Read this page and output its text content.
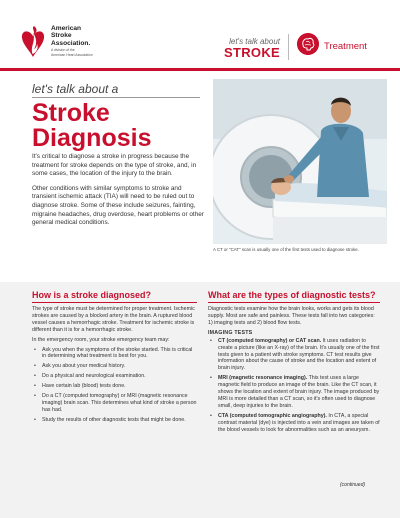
American
Stroke
Association.
A division of the
American Heart Association
let's talk about
STROKE	Treatment
let's talk about a
Stroke
Diagnosis

It's critical to diagnose a stroke in progress because the treatment for stroke depends on the type of stroke, and, in some cases, the location of the injury to the brain.

Other conditions with similar symptoms to stroke and transient ischemic attack (TIA) will need to be ruled out to diagnose stroke. Some of these include seizures, fainting, migraine headaches, drug overdose, heart problems or other general medical conditions.

A CT or "CAT" scan is usually one of the first tests used to diagnose stroke.
How is a stroke diagnosed?
The type of stroke must be determined for proper treatment. Ischemic strokes are caused by a blocked artery in the brain. A ruptured blood vessel causes a hemorrhagic stroke. Treatment for ischemic stroke is different than it is for a hemorrhagic stroke.
In the emergency room, your stroke emergency team may:
• Ask you when the symptoms of the stroke started. This is critical in determining what treatment is best for you.
• Ask you about your medical history.
• Do a physical and neurological examination.
• Have certain lab (blood) tests done.
• Do a CT (computed tomography) or MRI (magnetic resonance imaging) brain scan. This determines what kind of stroke a person has had.
• Study the results of other diagnostic tests that might be done.
What are the types of diagnostic tests?
Diagnostic tests examine how the brain looks, works and gets its blood supply. Most are safe and painless. These tests fall into two categories: 1) imaging tests and 2) blood flow tests.
IMAGING TESTS
• CT (computed tomography) or CAT scan. It uses radiation to create a picture (like an X-ray) of the brain. It's usually one of the first tests given to a patient with stroke symptoms. CT test results give information about the cause of stroke and the location and extent of brain injury.
• MRI (magnetic resonance imaging). This test uses a large magnetic field to produce an image of the brain. Like the CT scan, it shows the location and extent of brain injury. The image produced by MRI is more detailed than a CT scan, so it's often used to diagnose small, deep injuries to the brain.
• CTA (computed tomographic angiography). In CTA, a special contrast material (dye) is injected into a vein and images are taken of the blood vessels to look for abnormalities such as an aneurysm.
(continued)
